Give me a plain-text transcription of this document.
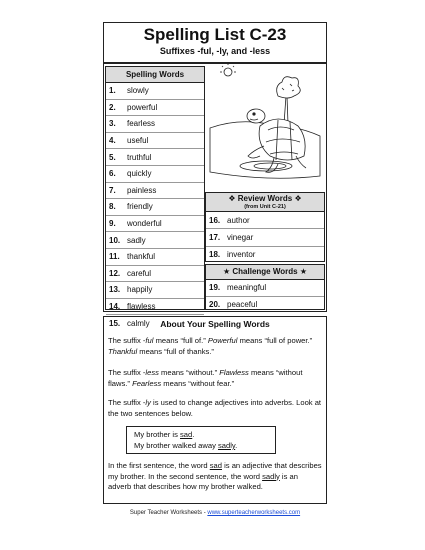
Spelling List C-23
Suffixes -ful, -ly, and -less
Spelling Words
1.	slowly
2.	powerful
3.	fearless
4.	useful
5.	truthful
6.	quickly
7.	painless
8.	friendly
9.	wonderful
10. sadly
11. thankful
12. careful
13. happily
14. flawless
15. calmly
❖ Review Words ❖
(from Unit C-21)
16. author
17. vinegar
18. inventor
★ Challenge Words ★
19. meaningful
20. peaceful
About Your Spelling Words
The suffix -ful means “full of.” Powerful means “full of power.” Thankful means “full of thanks.”
The suffix -less means “without.” Flawless means “without flaws.” Fearless means “without fear.”
The suffix -ly is used to change adjectives into adverbs. Look at the two sentences below.
My brother is sad.
My brother walked away sadly.
In the first sentence, the word sad is an adjective that describes my brother. In the second sentence, the word sadly is an adverb that describes how my brother walked.
Super Teacher Worksheets - www.superteacherworksheets.com
